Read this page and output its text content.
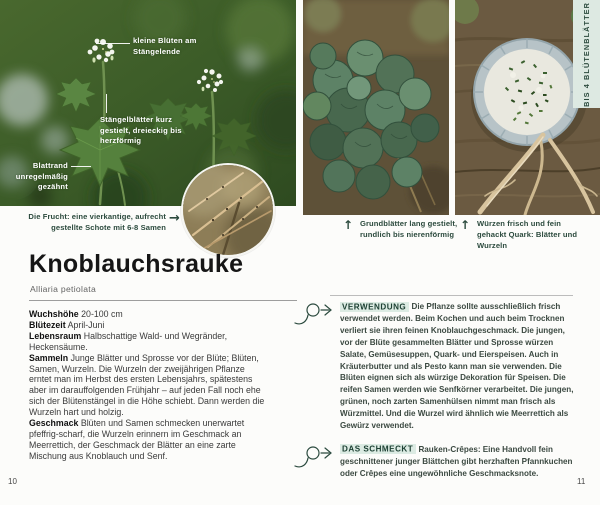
kleine Blüten am Stängelende
Stängelblätter kurz gestielt, dreieckig bis herzförmig
Blattrand unregelmäßig gezähnt
Die Frucht: eine vierkantige, aufrecht gestellte Schote mit 6-8 Samen
→
Knoblauchsrauke
Alliaria petiolata

Wuchshöhe 20-100 cm

Blütezeit April-Juni

Lebensraum Halbschattige Wald- und Wegränder, Heckensäume.

Sammeln Junge Blätter und Sprosse vor der Blüte; Blüten, Samen, Wurzeln. Die Wurzeln der zweijährigen Pflanze erntet man im Herbst des ersten Lebensjahrs, spätestens aber im darauffolgenden Frühjahr – auf jeden Fall noch ehe sich der Blütenstängel in die Höhe schiebt. Dann werden die Wurzeln hart und holzig.

Geschmack Blüten und Samen schmecken unerwartet pfeffrig-scharf, die Wurzeln erinnern im Geschmack an Meerrettich, der Geschmack der Blätter an eine zarte Mischung aus Knoblauch und Senf.

10
BIS 4 BLÜTENBLÄTTER
↑ Grundblätter lang gestielt, rundlich bis nierenförmig
↑ Würzen frisch und fein gehackt Quark: Blätter und Wurzeln

VERWENDUNG Die Pflanze sollte ausschließlich frisch verwendet werden. Beim Kochen und auch beim Trocknen verliert sie ihren feinen Knoblauchgeschmack. Die jungen, vor der Blüte gesammelten Blätter und Sprosse würzen Salate, Gemüsesuppen, Quark- und Eierspeisen. Auch in Kräuterbutter und als Pesto kann man sie verwenden. Die Blüten eignen sich als würzige Dekoration für Speisen. Die reifen Samen werden wie Senfkörner verarbeitet. Die jungen, grünen, noch zarten Samenhülsen nimmt man frisch als Würzmittel. Und die Wurzel wird ähnlich wie Meerrettich als Gewürz verwendet.

DAS SCHMECKT Rauken-Crêpes: Eine Handvoll fein geschnittener junger Blättchen gibt herzhaften Pfannkuchen oder Crêpes eine ungewöhnliche Geschmacksnote.

11
